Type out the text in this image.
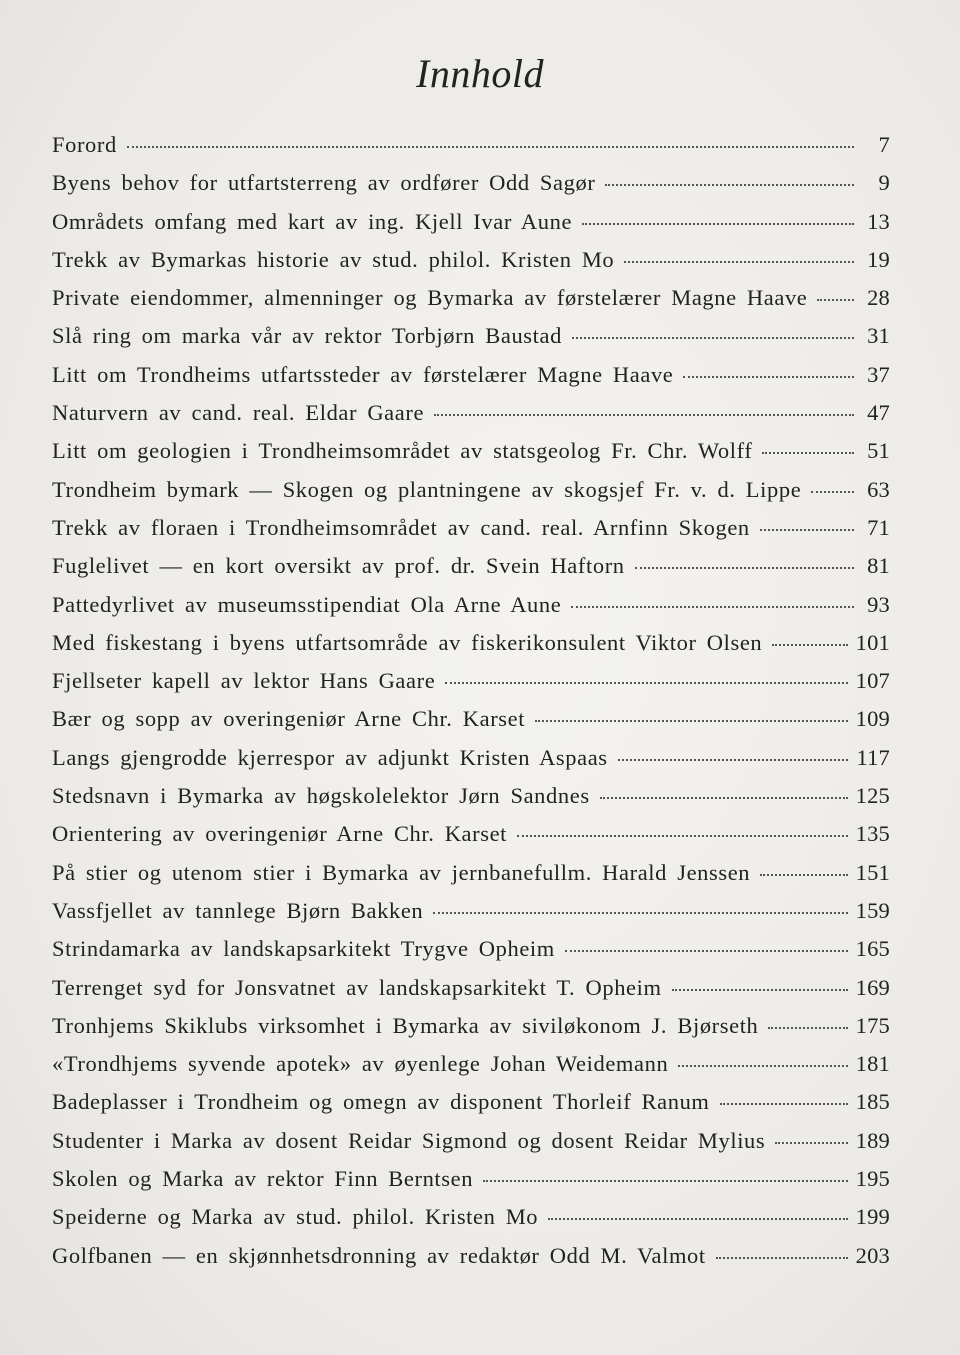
Innhold
Forord	7
Byens behov for utfartsterreng av ordfører Odd Sagør	9
Områdets omfang med kart av ing. Kjell Ivar Aune	13
Trekk av Bymarkas historie av stud. philol. Kristen Mo	19
Private eiendommer, almenninger og Bymarka av førstelærer Magne Haave	28
Slå ring om marka vår av rektor Torbjørn Baustad	31
Litt om Trondheims utfartssteder av førstelærer Magne Haave	37
Naturvern av cand. real. Eldar Gaare	47
Litt om geologien i Trondheimsområdet av statsgeolog Fr. Chr. Wolff	51
Trondheim bymark — Skogen og plantningene av skogsjef Fr. v. d. Lippe	63
Trekk av floraen i Trondheimsområdet av cand. real. Arnfinn Skogen	71
Fuglelivet — en kort oversikt av prof. dr. Svein Haftorn	81
Pattedyrlivet av museumsstipendiat Ola Arne Aune	93
Med fiskestang i byens utfartsområde av fiskerikonsulent Viktor Olsen	101
Fjellseter kapell av lektor Hans Gaare	107
Bær og sopp av overingeniør Arne Chr. Karset	109
Langs gjengrodde kjerrespor av adjunkt Kristen Aspaas	117
Stedsnavn i Bymarka av høgskolelektor Jørn Sandnes	125
Orientering av overingeniør Arne Chr. Karset	135
På stier og utenom stier i Bymarka av jernbanefullm. Harald Jenssen	151
Vassfjellet av tannlege Bjørn Bakken	159
Strindamarka av landskapsarkitekt Trygve Opheim	165
Terrenget syd for Jonsvatnet av landskapsarkitekt T. Opheim	169
Tronhjems Skiklubs virksomhet i Bymarka av siviløkonom J. Bjørseth	175
«Trondhjems syvende apotek» av øyenlege Johan Weidemann	181
Badeplasser i Trondheim og omegn av disponent Thorleif Ranum	185
Studenter i Marka av dosent Reidar Sigmond og dosent Reidar Mylius	189
Skolen og Marka av rektor Finn Berntsen	195
Speiderne og Marka av stud. philol. Kristen Mo	199
Golfbanen — en skjønnhetsdronning av redaktør Odd M. Valmot	203
